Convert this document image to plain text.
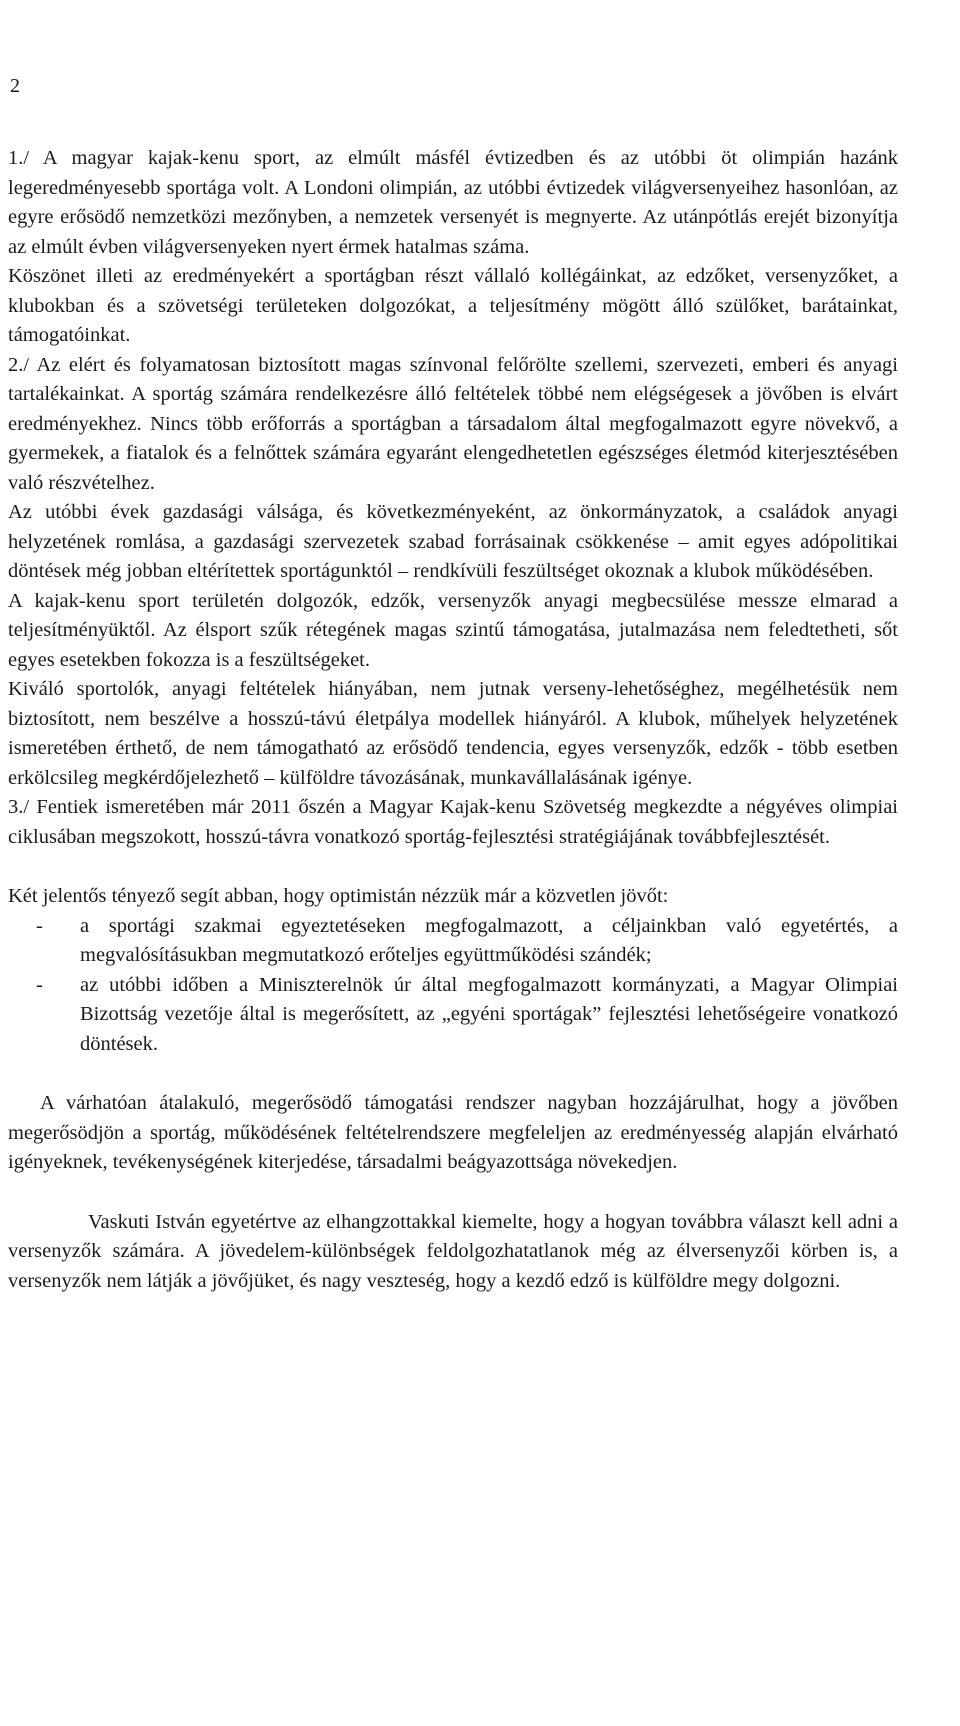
2

1./ A magyar kajak-kenu sport, az elmúlt másfél évtizedben és az utóbbi öt olimpián hazánk legeredményesebb sportága volt. A Londoni olimpián, az utóbbi évtizedek világversenyeihez hasonlóan, az egyre erősödő nemzetközi mezőnyben, a nemzetek versenyét is megnyerte. Az utánpótlás erejét bizonyítja az elmúlt évben világversenyeken nyert érmek hatalmas száma.

Köszönet illeti az eredményekért a sportágban részt vállaló kollégáinkat, az edzőket, versenyzőket, a klubokban és a szövetségi területeken dolgozókat, a teljesítmény mögött álló szülőket, barátainkat, támogatóinkat.

2./ Az elért és folyamatosan biztosított magas színvonal felőrölte szellemi, szervezeti, emberi és anyagi tartalékainkat. A sportág számára rendelkezésre álló feltételek többé nem elégségesek a jövőben is elvárt eredményekhez. Nincs több erőforrás a sportágban a társadalom által megfogalmazott egyre növekvő, a gyermekek, a fiatalok és a felnőttek számára egyaránt elengedhetetlen egészséges életmód kiterjesztésében való részvételhez.

Az utóbbi évek gazdasági válsága, és következményeként, az önkormányzatok, a családok anyagi helyzetének romlása, a gazdasági szervezetek szabad forrásainak csökkenése – amit egyes adópolitikai döntések még jobban eltérítettek sportágunktól – rendkívüli feszültséget okoznak a klubok működésében.

A kajak-kenu sport területén dolgozók, edzők, versenyzők anyagi megbecsülése messze elmarad a teljesítményüktől. Az élsport szűk rétegének magas szintű támogatása, jutalmazása nem feledtetheti, sőt egyes esetekben fokozza is a feszültségeket.

Kiváló sportolók, anyagi feltételek hiányában, nem jutnak verseny-lehetőséghez, megélhetésük nem biztosított, nem beszélve a hosszú-távú életpálya modellek hiányáról. A klubok, műhelyek helyzetének ismeretében érthető, de nem támogatható az erősödő tendencia, egyes versenyzők, edzők - több esetben erkölcsileg megkérdőjelezhető – külföldre távozásának, munkavállalásának igénye.

3./ Fentiek ismeretében már 2011 őszén a Magyar Kajak-kenu Szövetség megkezdte a négyéves olimpiai ciklusában megszokott, hosszú-távra vonatkozó sportág-fejlesztési stratégiájának továbbfejlesztését.

Két jelentős tényező segít abban, hogy optimistán nézzük már a közvetlen jövőt:

- a sportági szakmai egyeztetéseken megfogalmazott, a céljainkban való egyetértés, a megvalósításukban megmutatkozó erőteljes együttműködési szándék;
- az utóbbi időben a Miniszterelnök úr által megfogalmazott kormányzati, a Magyar Olimpiai Bizottság vezetője által is megerősített, az „egyéni sportágak” fejlesztési lehetőségeire vonatkozó döntések.

A várhatóan átalakuló, megerősödő támogatási rendszer nagyban hozzájárulhat, hogy a jövőben megerősödjön a sportág, működésének feltételrendszere megfeleljen az eredményesség alapján elvárható igényeknek, tevékenységének kiterjedése, társadalmi beágyazottsága növekedjen.

Vaskuti István egyetértve az elhangzottakkal kiemelte, hogy a hogyan továbbra választ kell adni a versenyzők számára. A jövedelem-különbségek feldolgozhatatlanok még az élversenyzői körben is, a versenyzők nem látják a jövőjüket, és nagy veszteség, hogy a kezdő edző is külföldre megy dolgozni.
